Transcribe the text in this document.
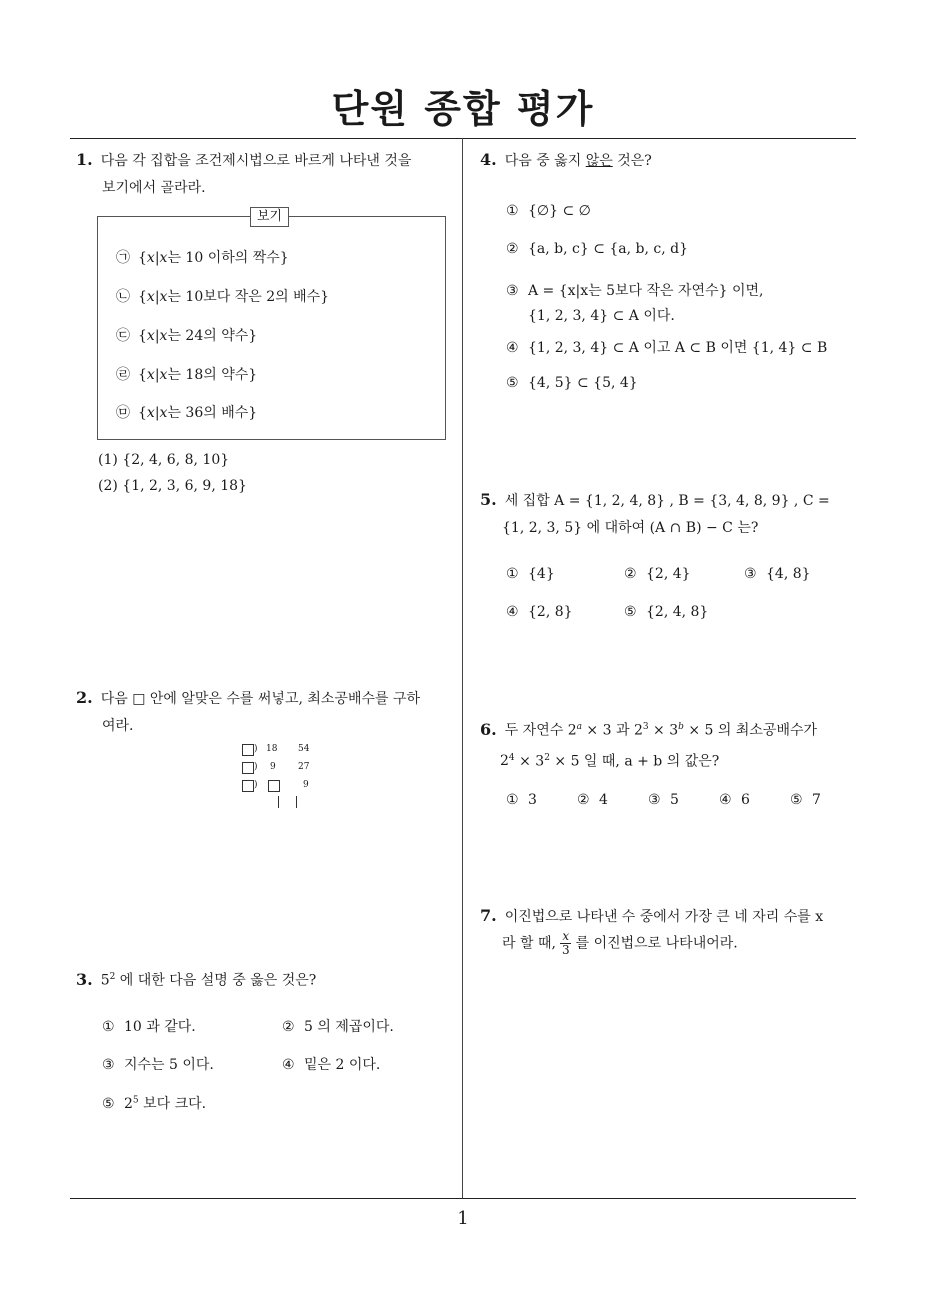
단원 종합 평가
1
1. 다음 각 집합을 조건제시법으로 바르게 나타낸 것을
보기에서 골라라.
보기
㉠ {x|x는 10 이하의 짝수}
㉡ {x|x는 10보다 작은 2의 배수}
㉢ {x|x는 24의 약수}
㉣ {x|x는 18의 약수}
㉤ {x|x는 36의 배수}
(1) {2, 4, 6, 8, 10}
(2) {1, 2, 3, 6, 9, 18}
2. 다음 □ 안에 알맞은 수를 써넣고, 최소공배수를 구하
여라.
) 18 54
) 9 27
)	9
3. $5^2$ 에 대한 다음 설명 중 옳은 것은?
① 10 과 같다.	② 5 의 제곱이다.
③ 지수는 5 이다.	④ 밑은 2 이다.
⑤ $2^5$ 보다 크다.
4. 다음 중 옳지 않은 것은?
① {∅} ⊂ ∅
② {a, b, c} ⊂ {a, b, c, d}
③ A = {x|x는 5보다 작은 자연수} 이면,
{1, 2, 3, 4} ⊂ A 이다.
④ {1, 2, 3, 4} ⊂ A 이고 A ⊂ B 이면 {1, 4} ⊂ B
⑤ {4, 5} ⊂ {5, 4}
5. 세 집합 A = {1, 2, 4, 8} , B = {3, 4, 8, 9} , C =
{1, 2, 3, 5} 에 대하여 (A ∩ B) − C 는?
① {4}	② {2, 4}	③ {4, 8}
④ {2, 8}	⑤ {2, 4, 8}
6. 두 자연수 $2^a \times 3$ 과 $2^3 \times 3^b \times 5$ 의 최소공배수가
$2^4 \times 3^2 \times 5$ 일 때, a + b 의 값은?
① 3	② 4	③ 5	④ 6	⑤ 7
7. 이진법으로 나타낸 수 중에서 가장 큰 네 자리 수를 x
라 할 때, $\frac{x}{3}$ 를 이진법으로 나타내어라.
